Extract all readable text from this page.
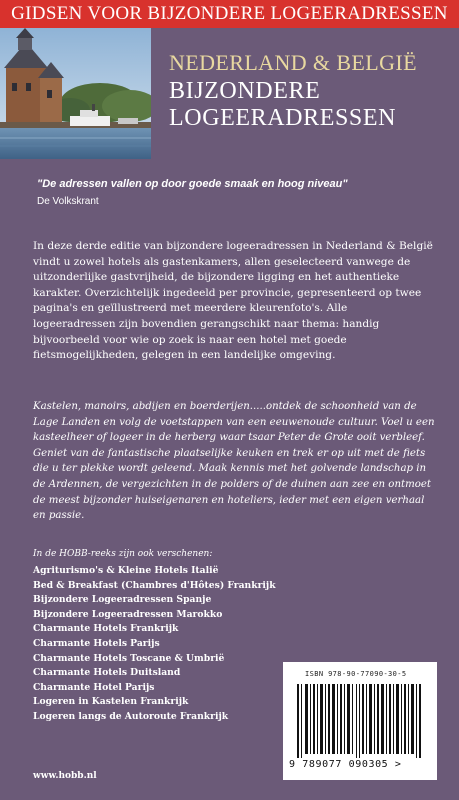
GIDSEN VOOR BIJZONDERE LOGEERADRESSEN
NEDERLAND & BELGIË
BIJZONDERE
LOGEERADRESSEN
"De adressen vallen op door goede smaak en hoog niveau"
De Volkskrant

In deze derde editie van bijzondere logeeradressen in Nederland & België vindt u zowel hotels als gastenkamers, allen geselecteerd vanwege de uitzonderlijke gastvrijheid, de bijzondere ligging en het authentieke karakter. Overzichtelijk ingedeeld per provincie, gepresenteerd op twee pagina's en geïllustreerd met meerdere kleurenfoto's. Alle logeeradressen zijn bovendien gerangschikt naar thema: handig bijvoorbeeld voor wie op zoek is naar een hotel met goede fietsmogelijkheden, gelegen in een landelijke omgeving.

Kastelen, manoirs, abdijen en boerderijen.....ontdek de schoonheid van de Lage Landen en volg de voetstappen van een eeuwenoude cultuur. Voel u een kasteelheer of logeer in de herberg waar tsaar Peter de Grote ooit verbleef. Geniet van de fantastische plaatselijke keuken en trek er op uit met de fiets die u ter plekke wordt geleend. Maak kennis met het golvende landschap in de Ardennen, de vergezichten in de polders of de duinen aan zee en ontmoet de meest bijzonder huiseigenaren en hoteliers, ieder met een eigen verhaal en passie.

In de HOBB-reeks zijn ook verschenen:
Agriturismo's & Kleine Hotels Italië
Bed & Breakfast (Chambres d'Hôtes) Frankrijk
Bijzondere Logeeradressen Spanje
Bijzondere Logeeradressen Marokko
Charmante Hotels Frankrijk
Charmante Hotels Parijs
Charmante Hotels Toscane & Umbrië
Charmante Hotels Duitsland
Charmante Hotel Parijs
Logeren in Kastelen Frankrijk
Logeren langs de Autoroute Frankrijk
www.hobb.nl
ISBN 978-90-77090-30-5
9 789077 090305 >
